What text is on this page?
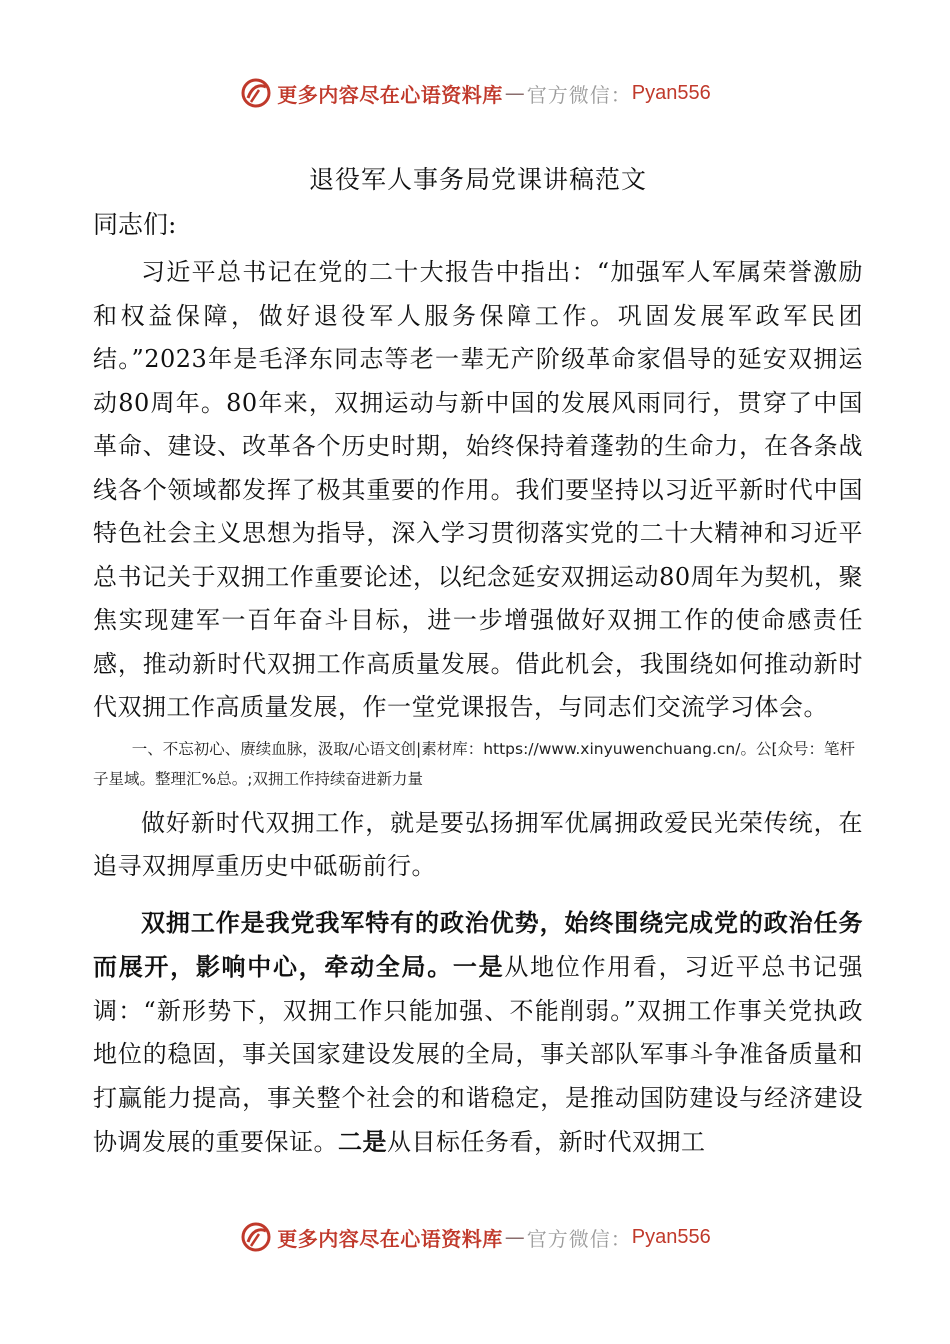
更多内容尽在心语资料库 — 官方微信： Pyan556

退役军人事务局党课讲稿范文

同志们:

习近平总书记在党的二十大报告中指出：“加强军人军属荣誉激励和权益保障，做好退役军人服务保障工作。巩固发展军政军民团结。”2023年是毛泽东同志等老一辈无产阶级革命家倡导的延安双拥运动80周年。80年来，双拥运动与新中国的发展风雨同行，贯穿了中国革命、建设、改革各个历史时期，始终保持着蓬勃的生命力，在各条战线各个领域都发挥了极其重要的作用。我们要坚持以习近平新时代中国特色社会主义思想为指导，深入学习贯彻落实党的二十大精神和习近平总书记关于双拥工作重要论述，以纪念延安双拥运动80周年为契机，聚焦实现建军一百年奋斗目标，进一步增强做好双拥工作的使命感责任感，推动新时代双拥工作高质量发展。借此机会，我围绕如何推动新时代双拥工作高质量发展，作一堂党课报告，与同志们交流学习体会。

一、不忘初心、赓续血脉，汲取/心语文创|素材库：https://www.xinyuwenchuang.cn/。公[众号：笔杆子星域。整理汇%总。;双拥工作持续奋进新力量

做好新时代双拥工作，就是要弘扬拥军优属拥政爱民光荣传统，在追寻双拥厚重历史中砥砺前行。

双拥工作是我党我军特有的政治优势，始终围绕完成党的政治任务而展开，影响中心，牵动全局。一是从地位作用看，习近平总书记强调：“新形势下，双拥工作只能加强、不能削弱。”双拥工作事关党执政地位的稳固，事关国家建设发展的全局，事关部队军事斗争准备质量和打赢能力提高，事关整个社会的和谐稳定，是推动国防建设与经济建设协调发展的重要保证。二是从目标任务看，新时代双拥工

更多内容尽在心语资料库 — 官方微信： Pyan556
